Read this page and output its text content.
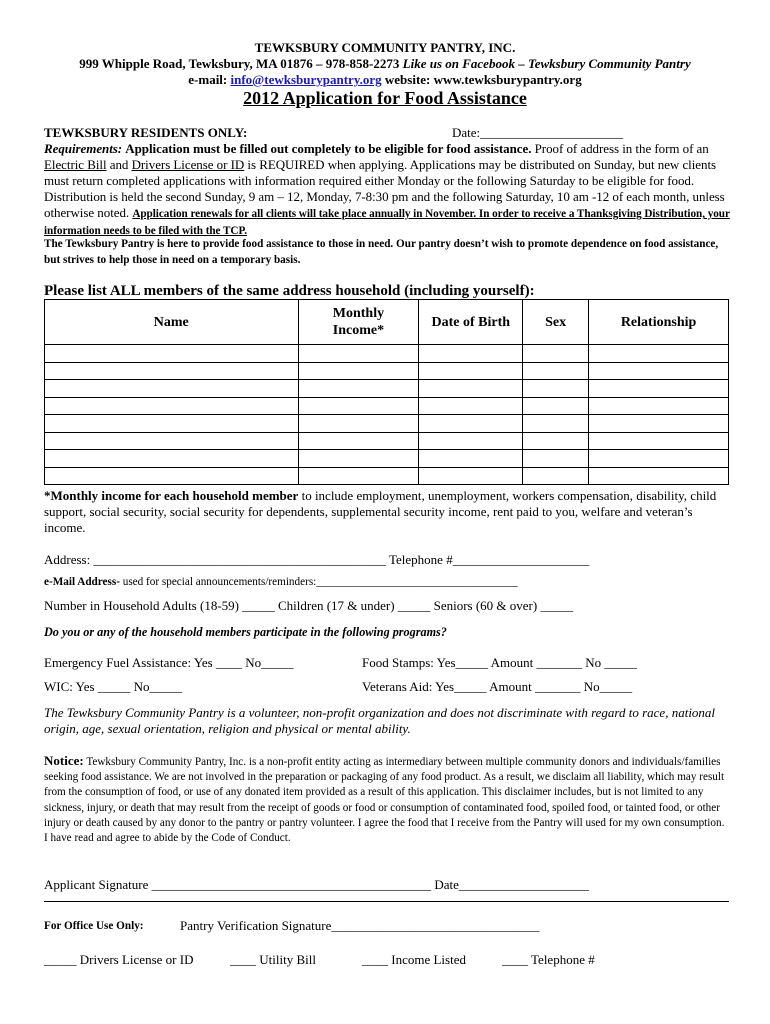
TEWKSBURY COMMUNITY PANTRY, INC.
999 Whipple Road, Tewksbury, MA 01876 – 978-858-2273 Like us on Facebook – Tewksbury Community Pantry
e-mail: info@tewksburypantry.org website: www.tewksburypantry.org
2012 Application for Food Assistance
TEWKSBURY RESIDENTS ONLY:	Date:______________________
Requirements: Application must be filled out completely to be eligible for food assistance. Proof of address in the form of an Electric Bill and Drivers License or ID is REQUIRED when applying. Applications may be distributed on Sunday, but new clients must return completed applications with information required either Monday or the following Saturday to be eligible for food. Distribution is held the second Sunday, 9 am – 12, Monday, 7-8:30 pm and the following Saturday, 10 am -12 of each month, unless otherwise noted. Application renewals for all clients will take place annually in November. In order to receive a Thanksgiving Distribution, your information needs to be filed with the TCP.
The Tewksbury Pantry is here to provide food assistance to those in need. Our pantry doesn’t wish to promote dependence on food assistance, but strives to help those in need on a temporary basis.
Please list ALL members of the same address household (including yourself):
Name	Monthly Income*	Date of Birth	Sex	Relationship

*Monthly income for each household member to include employment, unemployment, workers compensation, disability, child support, social security, social security for dependents, supplemental security income, rent paid to you, welfare and veteran’s income.
Address: _____________________________________________ Telephone #_____________________
e-Mail Address- used for special announcements/reminders:____________________________________
Number in Household Adults (18-59) _____ Children (17 & under) _____ Seniors (60 & over) _____
Do you or any of the household members participate in the following programs?
Emergency Fuel Assistance: Yes ____ No_____	Food Stamps: Yes_____ Amount _______ No _____
WIC: Yes _____ No_____	Veterans Aid: Yes_____ Amount _______ No_____
The Tewksbury Community Pantry is a volunteer, non-profit organization and does not discriminate with regard to race, national origin, age, sexual orientation, religion and physical or mental ability.
Notice: Tewksbury Community Pantry, Inc. is a non-profit entity acting as intermediary between multiple community donors and individuals/families seeking food assistance. We are not involved in the preparation or packaging of any food product. As a result, we disclaim all liability, which may result from the consumption of food, or use of any donated item provided as a result of this application. This disclaimer includes, but is not limited to any sickness, injury, or death that may result from the receipt of goods or food or consumption of contaminated food, spoiled food, or tainted food, or other injury or death caused by any donor to the pantry or pantry volunteer. I agree the food that I receive from the Pantry will used for my own consumption. I have read and agree to abide by the Code of Conduct.
Applicant Signature ___________________________________________ Date____________________
For Office Use Only:	Pantry Verification Signature________________________________
_____ Drivers License or ID	____ Utility Bill	____ Income Listed	____ Telephone #
